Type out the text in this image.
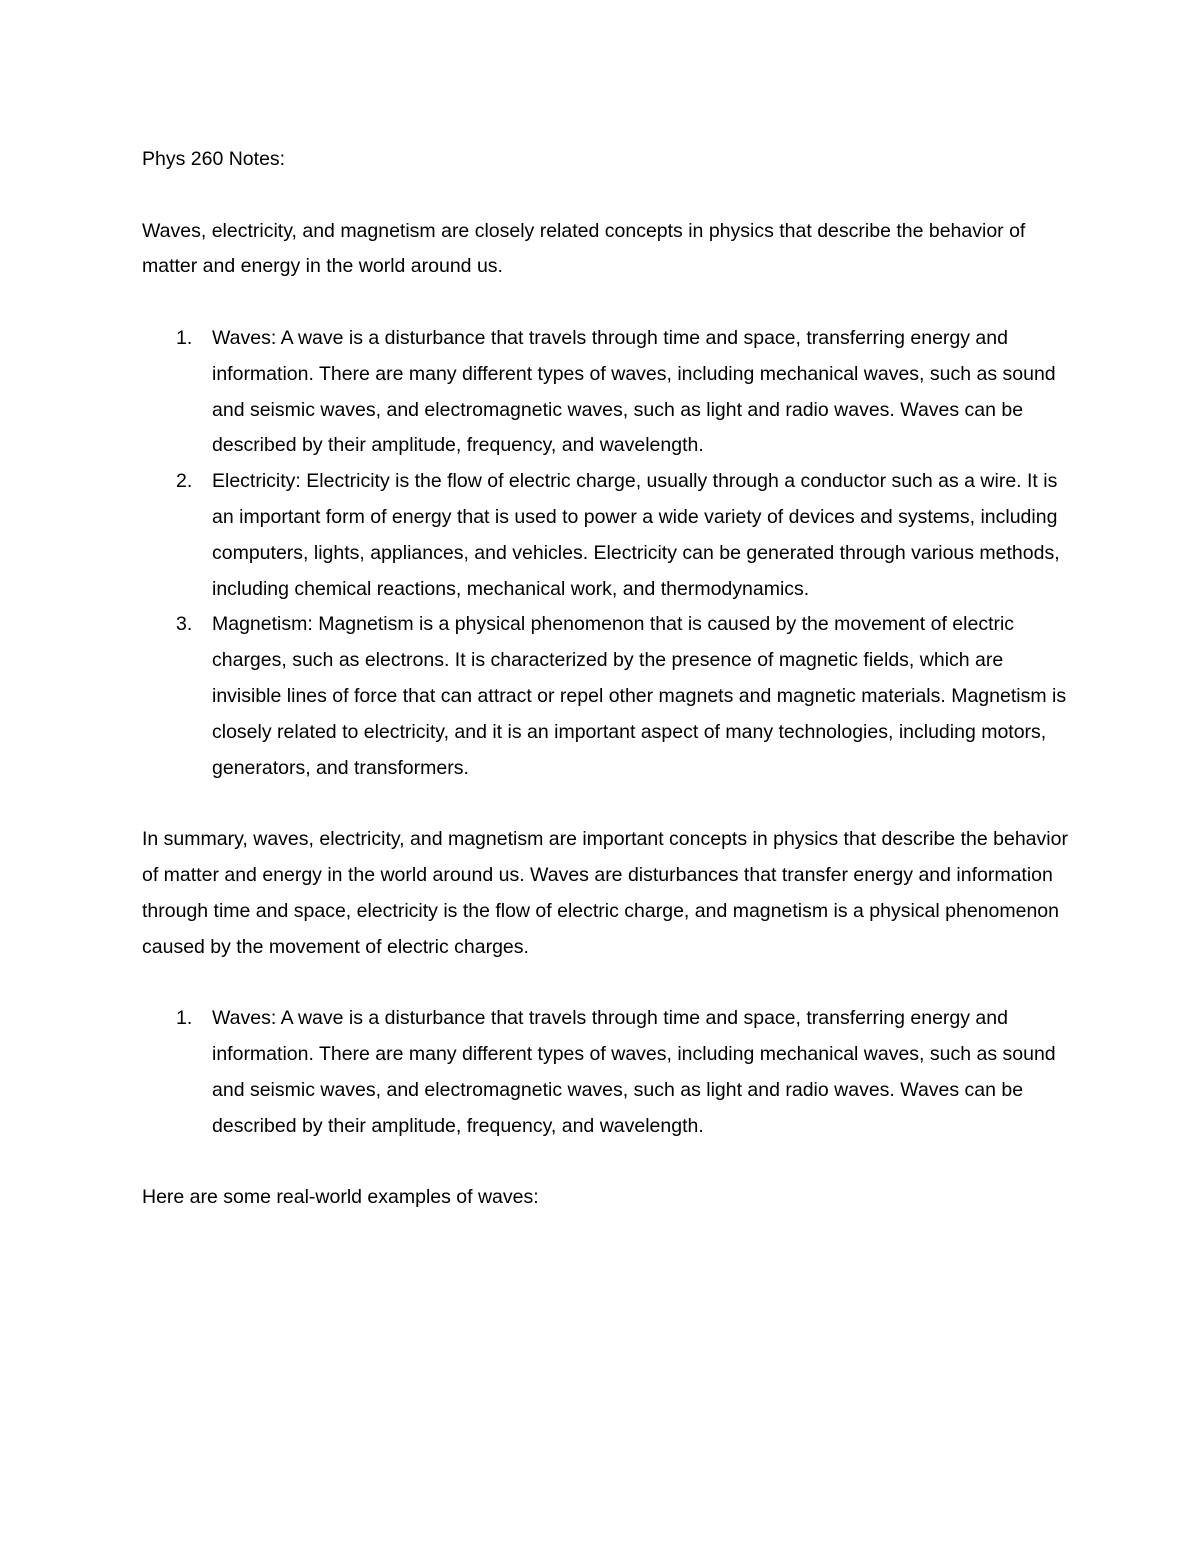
Phys 260 Notes:

Waves, electricity, and magnetism are closely related concepts in physics that describe the behavior of matter and energy in the world around us.

1. Waves: A wave is a disturbance that travels through time and space, transferring energy and information. There are many different types of waves, including mechanical waves, such as sound and seismic waves, and electromagnetic waves, such as light and radio waves. Waves can be described by their amplitude, frequency, and wavelength.
2. Electricity: Electricity is the flow of electric charge, usually through a conductor such as a wire. It is an important form of energy that is used to power a wide variety of devices and systems, including computers, lights, appliances, and vehicles. Electricity can be generated through various methods, including chemical reactions, mechanical work, and thermodynamics.
3. Magnetism: Magnetism is a physical phenomenon that is caused by the movement of electric charges, such as electrons. It is characterized by the presence of magnetic fields, which are invisible lines of force that can attract or repel other magnets and magnetic materials. Magnetism is closely related to electricity, and it is an important aspect of many technologies, including motors, generators, and transformers.

In summary, waves, electricity, and magnetism are important concepts in physics that describe the behavior of matter and energy in the world around us. Waves are disturbances that transfer energy and information through time and space, electricity is the flow of electric charge, and magnetism is a physical phenomenon caused by the movement of electric charges.

1. Waves: A wave is a disturbance that travels through time and space, transferring energy and information. There are many different types of waves, including mechanical waves, such as sound and seismic waves, and electromagnetic waves, such as light and radio waves. Waves can be described by their amplitude, frequency, and wavelength.

Here are some real-world examples of waves:
